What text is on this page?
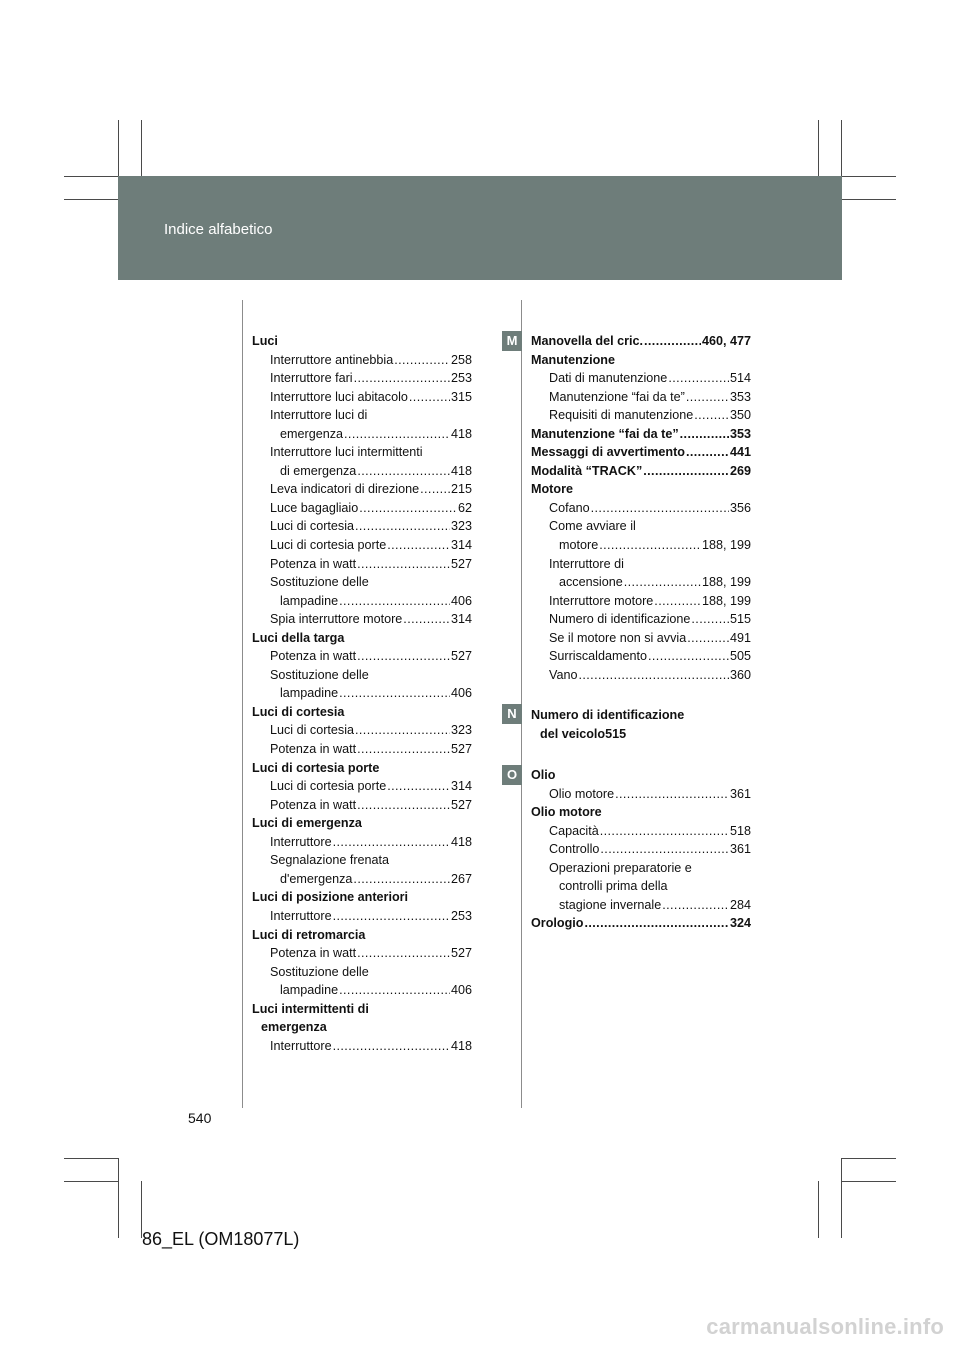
Indice alfabetico
Luci
Interruttore antinebbia .....	258
Interruttore fari .....	253
Interruttore luci abitacolo .....	315
Interruttore luci di
emergenza .....	418
Interruttore luci intermittenti
di emergenza .....	418
Leva indicatori di direzione .....	215
Luce bagagliaio .....	62
Luci di cortesia .....	323
Luci di cortesia porte .....	314
Potenza in watt .....	527
Sostituzione delle
lampadine .....	406
Spia interruttore motore .....	314
Luci della targa
Potenza in watt .....	527
Sostituzione delle
lampadine .....	406
Luci di cortesia
Luci di cortesia .....	323
Potenza in watt .....	527
Luci di cortesia porte
Luci di cortesia porte .....	314
Potenza in watt .....	527
Luci di emergenza
Interruttore .....	418
Segnalazione frenata
d'emergenza .....	267
Luci di posizione anteriori
Interruttore .....	253
Luci di retromarcia
Potenza in watt .....	527
Sostituzione delle
lampadine .....	406
Luci intermittenti di
emergenza
Interruttore .....	418
M	Manovella del cric. .....	460, 477
Manutenzione
Dati di manutenzione .....	514
Manutenzione “fai da te” .....	353
Requisiti di manutenzione .....	350
Manutenzione “fai da te” .....	353
Messaggi di avvertimento .....	441
Modalità “TRACK” .....	269
Motore
Cofano .....	356
Come avviare il
motore .....	188, 199
Interruttore di
accensione .....	188, 199
Interruttore motore .....	188, 199
Numero di identificazione .....	515
Se il motore non si avvia .....	491
Surriscaldamento .....	505
Vano .....	360
N	Numero di identificazione
del veicolo515
O	Olio
Olio motore .....	361
Olio motore
Capacità .....	518
Controllo .....	361
Operazioni preparatorie e
controlli prima della
stagione invernale .....	284
Orologio .....	324
540
86_EL (OM18077L)
carmanualsonline.info
